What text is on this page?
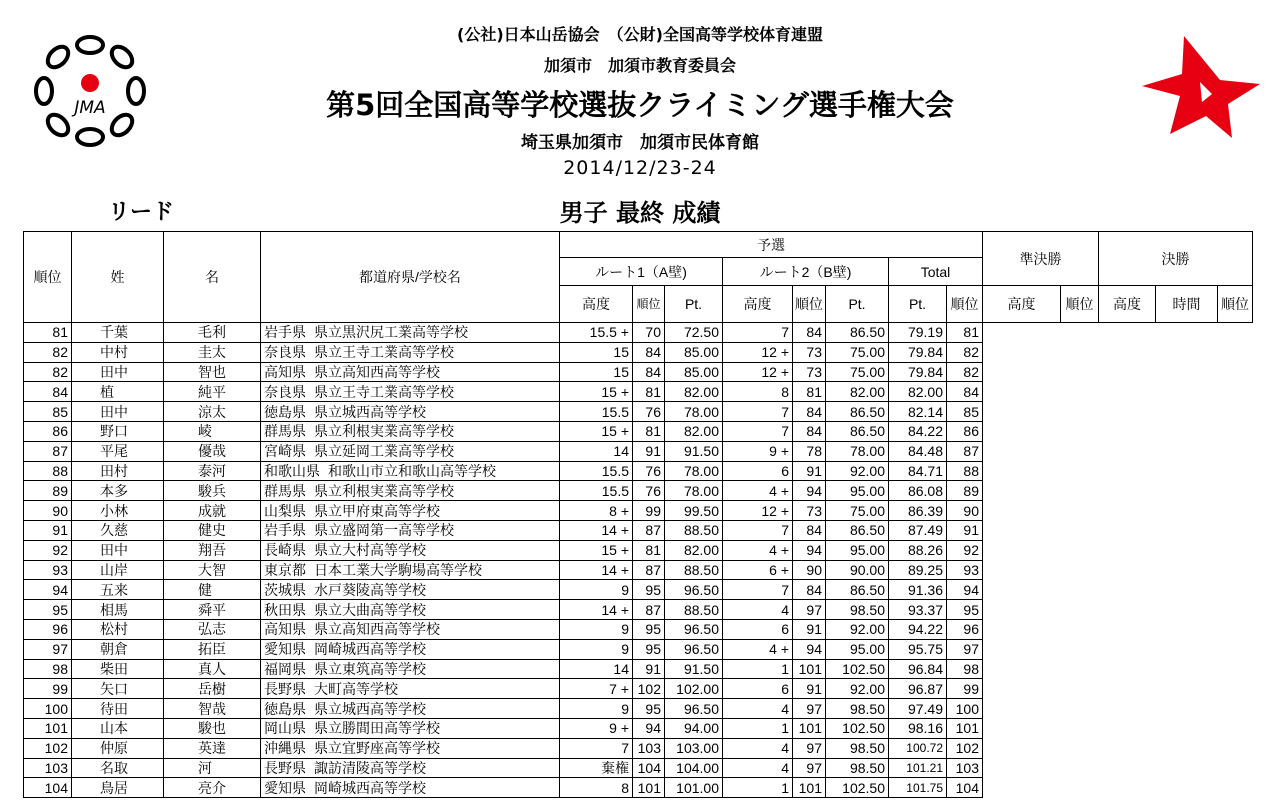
JMA
(公社)日本山岳協会　（公財)全国高等学校体育連盟
加須市　加須市教育委員会
第5回全国高等学校選抜クライミング選手権大会
埼玉県加須市　加須市民体育館
2014/12/23-24
男子 最終 成績
リード
順位	姓	名	都道府県/学校名	予選								準決勝		決勝		
				ルート1（A壁)			ルート2（B壁)			Total						
				高度	順位	Pt.	高度	順位	Pt.	Pt.	順位	高度	順位	高度	時間	順位
81	千葉	毛利	岩手県 県立黒沢尻工業高等学校	15.5 +	70	72.50	7	84	86.50	79.19	81					
82	中村	圭太	奈良県 県立王寺工業高等学校	15	84	85.00	12 +	73	75.00	79.84	82					
82	田中	智也	高知県 県立高知西高等学校	15	84	85.00	12 +	73	75.00	79.84	82					
84	植	純平	奈良県 県立王寺工業高等学校	15 +	81	82.00	8	81	82.00	82.00	84					
85	田中	涼太	徳島県 県立城西高等学校	15.5	76	78.00	7	84	86.50	82.14	85					
86	野口	崚	群馬県 県立利根実業高等学校	15 +	81	82.00	7	84	86.50	84.22	86					
87	平尾	優哉	宮崎県 県立延岡工業高等学校	14	91	91.50	9 +	78	78.00	84.48	87					
88	田村	泰河	和歌山県 和歌山市立和歌山高等学校	15.5	76	78.00	6	91	92.00	84.71	88					
89	本多	駿兵	群馬県 県立利根実業高等学校	15.5	76	78.00	4 +	94	95.00	86.08	89					
90	小林	成就	山梨県 県立甲府東高等学校	8 +	99	99.50	12 +	73	75.00	86.39	90					
91	久慈	健史	岩手県 県立盛岡第一高等学校	14 +	87	88.50	7	84	86.50	87.49	91					
92	田中	翔吾	長崎県 県立大村高等学校	15 +	81	82.00	4 +	94	95.00	88.26	92					
93	山岸	大智	東京都 日本工業大学駒場高等学校	14 +	87	88.50	6 +	90	90.00	89.25	93					
94	五来	健	茨城県 水戸葵陵高等学校	9	95	96.50	7	84	86.50	91.36	94					
95	相馬	舜平	秋田県 県立大曲高等学校	14 +	87	88.50	4	97	98.50	93.37	95					
96	松村	弘志	高知県 県立高知西高等学校	9	95	96.50	6	91	92.00	94.22	96					
97	朝倉	拓臣	愛知県 岡崎城西高等学校	9	95	96.50	4 +	94	95.00	95.75	97					
98	柴田	真人	福岡県 県立東筑高等学校	14	91	91.50	1	101	102.50	96.84	98					
99	矢口	岳樹	長野県 大町高等学校	7 +	102	102.00	6	91	92.00	96.87	99					
100	待田	智哉	徳島県 県立城西高等学校	9	95	96.50	4	97	98.50	97.49	100					
101	山本	駿也	岡山県 県立勝間田高等学校	9 +	94	94.00	1	101	102.50	98.16	101					
102	仲原	英達	沖縄県 県立宜野座高等学校	7	103	103.00	4	97	98.50	100.72	102					
103	名取	河	長野県 諏訪清陵高等学校	棄権	104	104.00	4	97	98.50	101.21	103					
104	鳥居	亮介	愛知県 岡崎城西高等学校	8	101	101.00	1	101	102.50	101.75	104					
